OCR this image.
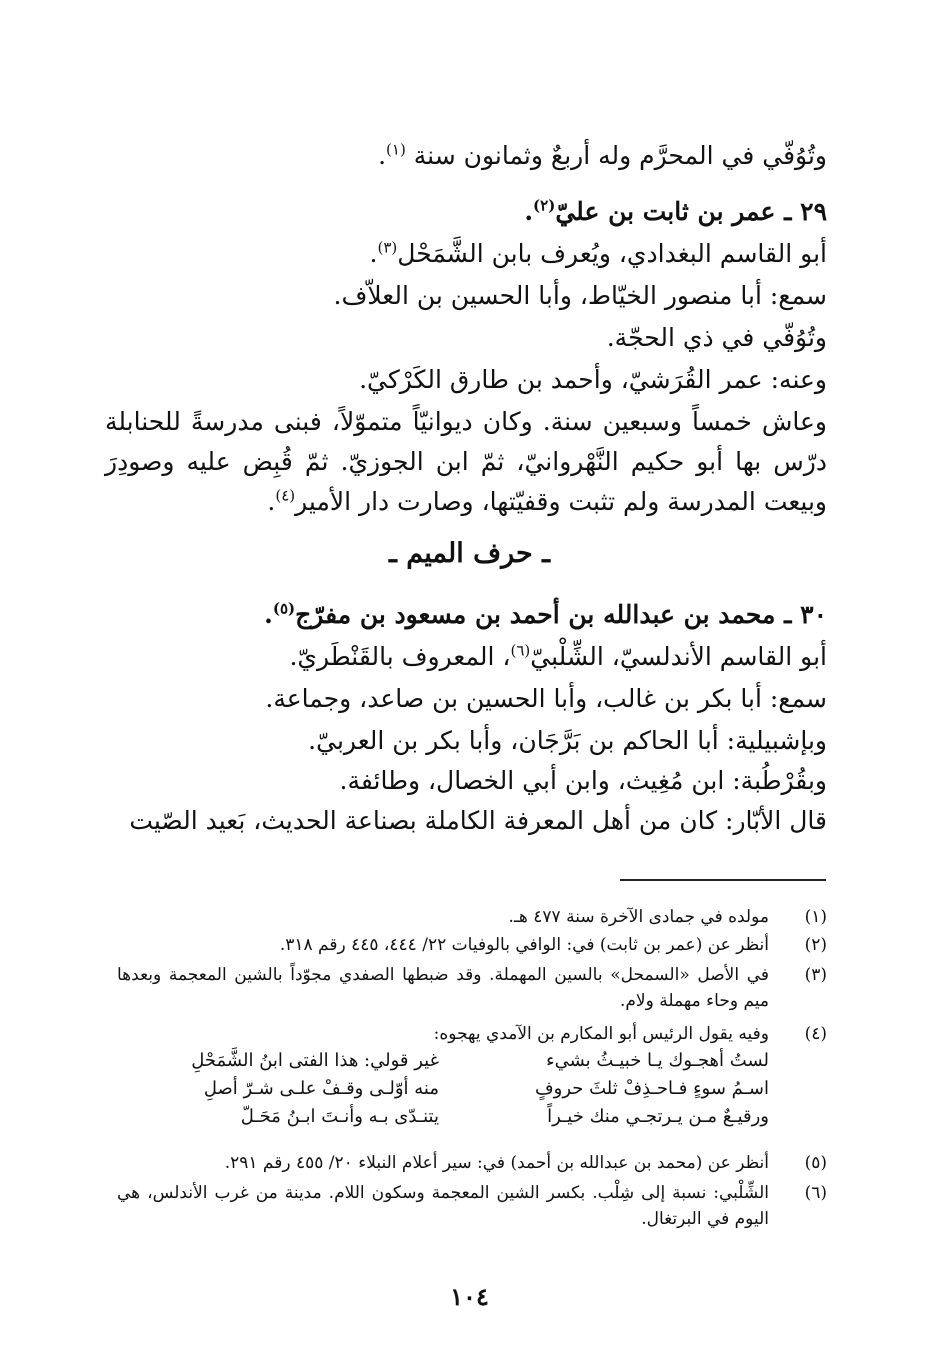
وتُوُفّي في المحرَّم وله أربعٌ وثمانون سنة $^{(١)}$.
٢٩ ـ عمر بن ثابت بن عليّ$^{(٢)}$.
أبو القاسم البغدادي، ويُعرف بابن الشَّمَحْل$^{(٣)}$.
سمع: أبا منصور الخيّاط، وأبا الحسين بن العلاّف.
وتُوُفّي في ذي الحجّة.
وعنه: عمر القُرَشيّ، وأحمد بن طارق الكَرْكيّ.
وعاش خمساً وسبعين سنة. وكان ديوانيّاً متموّلاً، فبنى مدرسةً للحنابلة درّس بها أبو حكيم النَّهْروانيّ، ثمّ ابن الجوزيّ. ثمّ قُبِض عليه وصودِرَ وبيعت المدرسة ولم تثبت وقفيّتها، وصارت دار الأمير$^{(٤)}$.
ـ حرف الميم ـ
٣٠ ـ محمد بن عبدالله بن أحمد بن مسعود بن مفرّج$^{(٥)}$.
أبو القاسم الأندلسيّ، الشِّلْبيّ$^{(٦)}$، المعروف بالقَنْطَريّ.
سمع: أبا بكر بن غالب، وأبا الحسين بن صاعد، وجماعة.
وبإشبيلية: أبا الحاكم بن بَرَّجَان، وأبا بكر بن العربيّ.
وبقُرْطُبة: ابن مُغِيث، وابن أبي الخصال، وطائفة.
قال الأبّار: كان من أهل المعرفة الكاملة بصناعة الحديث، بَعيد الصّيت
(١)
مولده في جمادى الآخرة سنة ٤٧٧ هـ.
(٢)
أنظر عن (عمر بن ثابت) في: الوافي بالوفيات ٢٢/ ٤٤٤، ٤٤٥ رقم ٣١٨.
(٣)
في الأصل «السمحل» بالسين المهملة. وقد ضبطها الصفدي مجوّداً بالشين المعجمة وبعدها ميم وحاء مهملة ولام.
(٤)
وفيه يقول الرئيس أبو المكارم بن الآمدي يهجوه:
لستُ أهجـوك يـا خبيـثُ بشيء
غير قولي: هذا الفتى ابنُ الشَّمَحْلِ
اسـمُ سوءٍ فـاحـذِفْ ثلثَ حروفٍ
منه أوّلـى وقـفْ علـى شـرّ أصلِ
ورقيـعٌ مـن يـرتجـي منك خيـراً
يتنـدّى بـه وأنـتَ ابـنُ مَحَـلّ
(٥)
أنظر عن (محمد بن عبدالله بن أحمد) في: سير أعلام النبلاء ٢٠/ ٤٥٥ رقم ٢٩١.
(٦)
الشِّلْبي: نسبة إلى شِلْب. بكسر الشين المعجمة وسكون اللام. مدينة من غرب الأندلس، هي اليوم في البرتغال.
١٠٤
